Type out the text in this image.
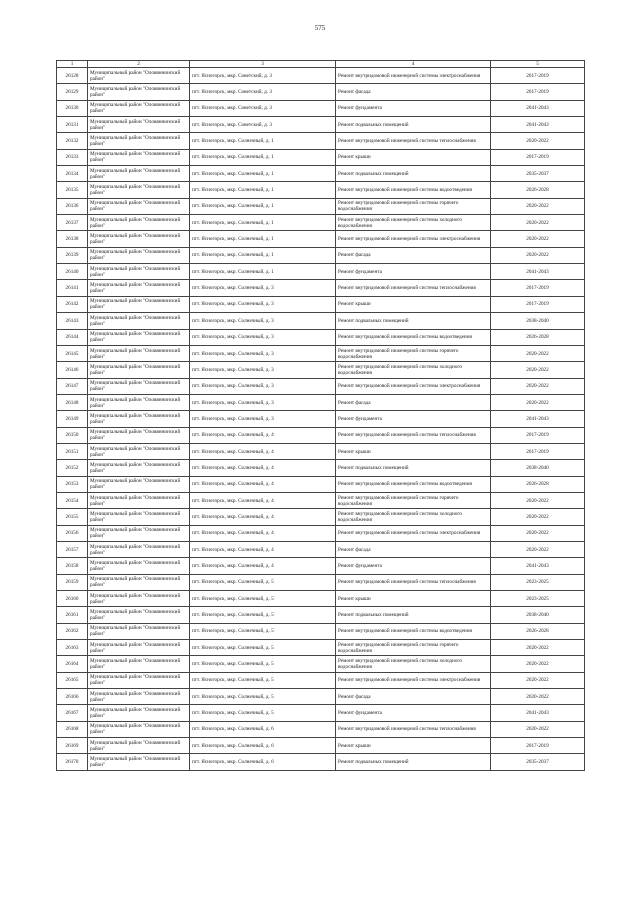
575
1	2	3	4	5
26128	Муниципальный район "Оловяннинский район"	пгт. Ясногорск, мкр. Советский, д. 3	Ремонт внутридомовой инженерной системы электроснабжения	2017-2019
26129	Муниципальный район "Оловяннинский район"	пгт. Ясногорск, мкр. Советский, д. 3	Ремонт фасада	2017-2019
26130	Муниципальный район "Оловяннинский район"	пгт. Ясногорск, мкр. Советский, д. 3	Ремонт фундамента	2041-2043
26131	Муниципальный район "Оловяннинский район"	пгт. Ясногорск, мкр. Советский, д. 3	Ремонт подвальных помещений	2041-2043
26132	Муниципальный район "Оловяннинский район"	пгт. Ясногорск, мкр. Солнечный, д. 1	Ремонт внутридомовой инженерной системы теплоснабжения	2020-2022
26133	Муниципальный район "Оловяннинский район"	пгт. Ясногорск, мкр. Солнечный, д. 1	Ремонт крыши	2017-2019
26134	Муниципальный район "Оловяннинский район"	пгт. Ясногорск, мкр. Солнечный, д. 1	Ремонт подвальных помещений	2035-2037
26135	Муниципальный район "Оловяннинский район"	пгт. Ясногорск, мкр. Солнечный, д. 1	Ремонт внутридомовой инженерной системы водоотведения	2026-2028
26136	Муниципальный район "Оловяннинский район"	пгт. Ясногорск, мкр. Солнечный, д. 1	Ремонт внутридомовой инженерной системы горячего водоснабжения	2020-2022
26137	Муниципальный район "Оловяннинский район"	пгт. Ясногорск, мкр. Солнечный, д. 1	Ремонт внутридомовой инженерной системы холодного водоснабжения	2020-2022
26138	Муниципальный район "Оловяннинский район"	пгт. Ясногорск, мкр. Солнечный, д. 1	Ремонт внутридомовой инженерной системы электроснабжения	2020-2022
26139	Муниципальный район "Оловяннинский район"	пгт. Ясногорск, мкр. Солнечный, д. 1	Ремонт фасада	2020-2022
26140	Муниципальный район "Оловяннинский район"	пгт. Ясногорск, мкр. Солнечный, д. 1	Ремонт фундамента	2041-2043
26141	Муниципальный район "Оловяннинский район"	пгт. Ясногорск, мкр. Солнечный, д. 3	Ремонт внутридомовой инженерной системы теплоснабжения	2017-2019
26142	Муниципальный район "Оловяннинский район"	пгт. Ясногорск, мкр. Солнечный, д. 3	Ремонт крыши	2017-2019
26143	Муниципальный район "Оловяннинский район"	пгт. Ясногорск, мкр. Солнечный, д. 3	Ремонт подвальных помещений	2038-2040
26144	Муниципальный район "Оловяннинский район"	пгт. Ясногорск, мкр. Солнечный, д. 3	Ремонт внутридомовой инженерной системы водоотведения	2026-2028
26145	Муниципальный район "Оловяннинский район"	пгт. Ясногорск, мкр. Солнечный, д. 3	Ремонт внутридомовой инженерной системы горячего водоснабжения	2020-2022
26146	Муниципальный район "Оловяннинский район"	пгт. Ясногорск, мкр. Солнечный, д. 3	Ремонт внутридомовой инженерной системы холодного водоснабжения	2020-2022
26147	Муниципальный район "Оловяннинский район"	пгт. Ясногорск, мкр. Солнечный, д. 3	Ремонт внутридомовой инженерной системы электроснабжения	2020-2022
26148	Муниципальный район "Оловяннинский район"	пгт. Ясногорск, мкр. Солнечный, д. 3	Ремонт фасада	2020-2022
26149	Муниципальный район "Оловяннинский район"	пгт. Ясногорск, мкр. Солнечный, д. 3	Ремонт фундамента	2041-2043
26150	Муниципальный район "Оловяннинский район"	пгт. Ясногорск, мкр. Солнечный, д. 4	Ремонт внутридомовой инженерной системы теплоснабжения	2017-2019
26151	Муниципальный район "Оловяннинский район"	пгт. Ясногорск, мкр. Солнечный, д. 4	Ремонт крыши	2017-2019
26152	Муниципальный район "Оловяннинский район"	пгт. Ясногорск, мкр. Солнечный, д. 4	Ремонт подвальных помещений	2038-2040
26153	Муниципальный район "Оловяннинский район"	пгт. Ясногорск, мкр. Солнечный, д. 4	Ремонт внутридомовой инженерной системы водоотведения	2026-2028
26154	Муниципальный район "Оловяннинский район"	пгт. Ясногорск, мкр. Солнечный, д. 4	Ремонт внутридомовой инженерной системы горячего водоснабжения	2020-2022
26155	Муниципальный район "Оловяннинский район"	пгт. Ясногорск, мкр. Солнечный, д. 4	Ремонт внутридомовой инженерной системы холодного водоснабжения	2020-2022
26156	Муниципальный район "Оловяннинский район"	пгт. Ясногорск, мкр. Солнечный, д. 4	Ремонт внутридомовой инженерной системы электроснабжения	2020-2022
26157	Муниципальный район "Оловяннинский район"	пгт. Ясногорск, мкр. Солнечный, д. 4	Ремонт фасада	2020-2022
26158	Муниципальный район "Оловяннинский район"	пгт. Ясногорск, мкр. Солнечный, д. 4	Ремонт фундамента	2041-2043
26159	Муниципальный район "Оловяннинский район"	пгт. Ясногорск, мкр. Солнечный, д. 5	Ремонт внутридомовой инженерной системы теплоснабжения	2023-2025
26160	Муниципальный район "Оловяннинский район"	пгт. Ясногорск, мкр. Солнечный, д. 5	Ремонт крыши	2023-2025
26161	Муниципальный район "Оловяннинский район"	пгт. Ясногорск, мкр. Солнечный, д. 5	Ремонт подвальных помещений	2038-2040
26162	Муниципальный район "Оловяннинский район"	пгт. Ясногорск, мкр. Солнечный, д. 5	Ремонт внутридомовой инженерной системы водоотведения	2026-2028
26163	Муниципальный район "Оловяннинский район"	пгт. Ясногорск, мкр. Солнечный, д. 5	Ремонт внутридомовой инженерной системы горячего водоснабжения	2020-2022
26164	Муниципальный район "Оловяннинский район"	пгт. Ясногорск, мкр. Солнечный, д. 5	Ремонт внутридомовой инженерной системы холодного водоснабжения	2020-2022
26165	Муниципальный район "Оловяннинский район"	пгт. Ясногорск, мкр. Солнечный, д. 5	Ремонт внутридомовой инженерной системы электроснабжения	2020-2022
26166	Муниципальный район "Оловяннинский район"	пгт. Ясногорск, мкр. Солнечный, д. 5	Ремонт фасада	2020-2022
26167	Муниципальный район "Оловяннинский район"	пгт. Ясногорск, мкр. Солнечный, д. 5	Ремонт фундамента	2041-2043
26168	Муниципальный район "Оловяннинский район"	пгт. Ясногорск, мкр. Солнечный, д. 6	Ремонт внутридомовой инженерной системы теплоснабжения	2020-2022
26169	Муниципальный район "Оловяннинский район"	пгт. Ясногорск, мкр. Солнечный, д. 6	Ремонт крыши	2017-2019
26170	Муниципальный район "Оловяннинский район"	пгт. Ясногорск, мкр. Солнечный, д. 6	Ремонт подвальных помещений	2035-2037
